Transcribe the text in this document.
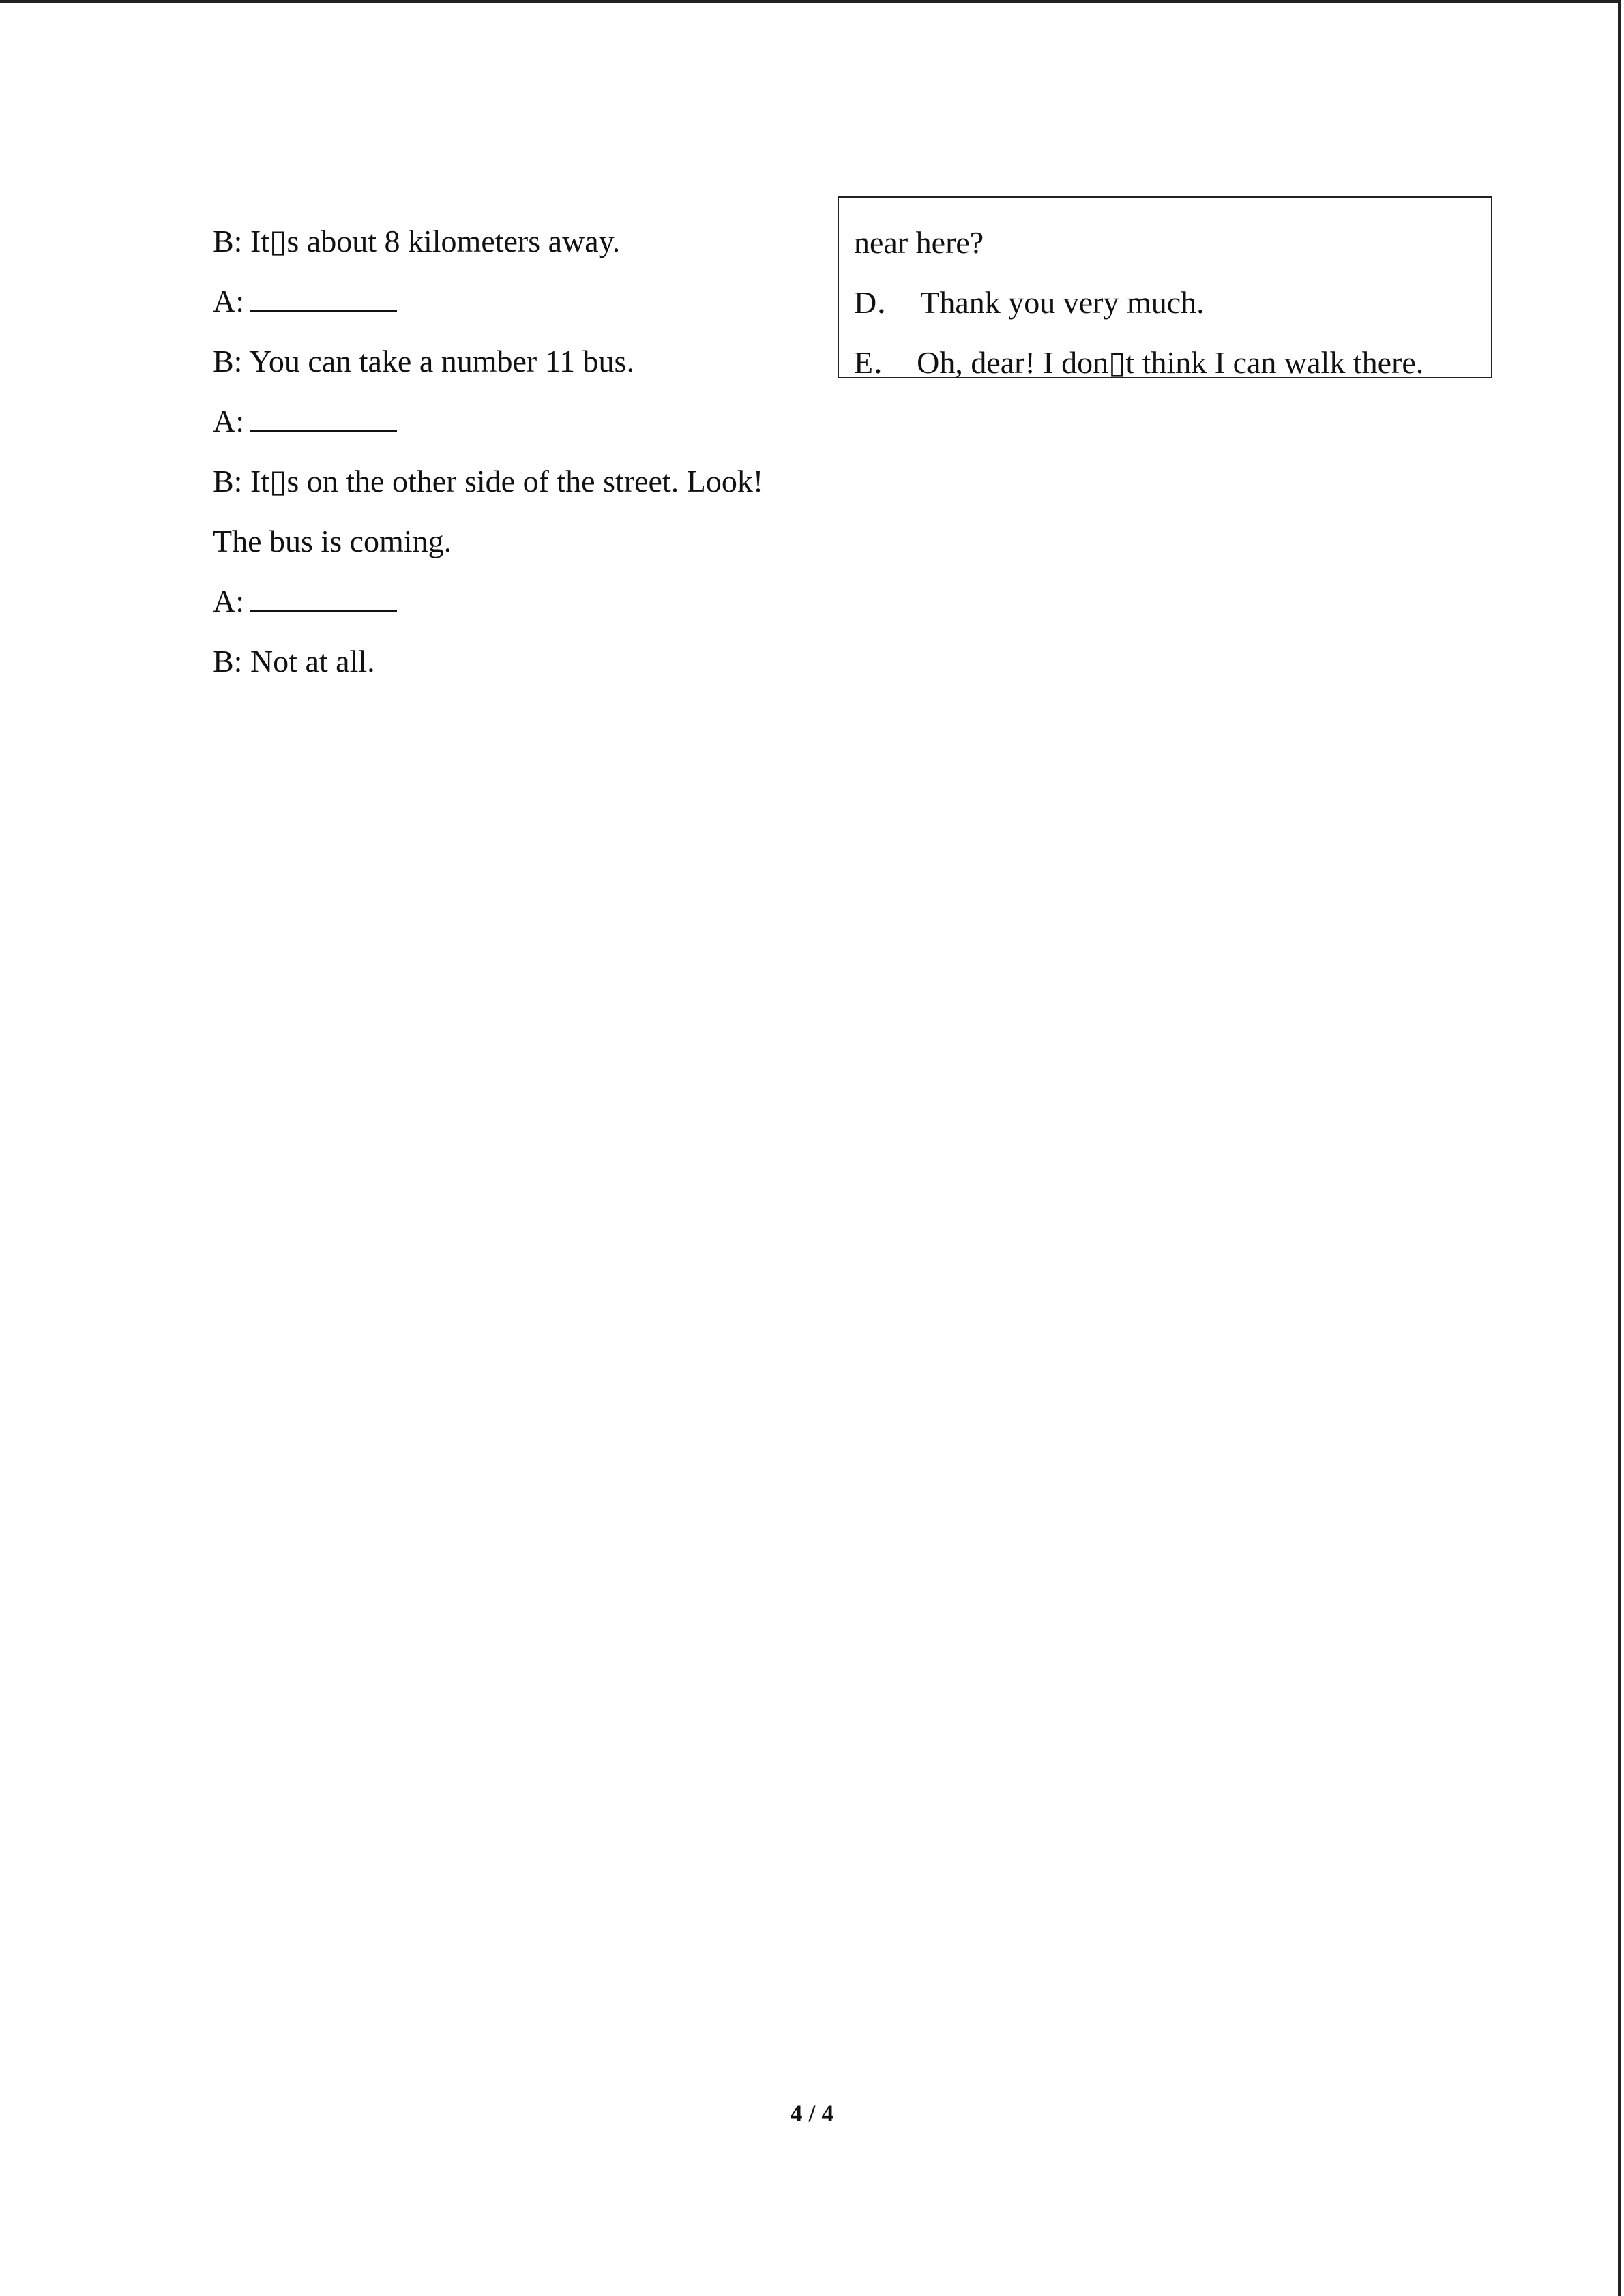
B: It▯s about 8 kilometers away.
A:
B: You can take a number 11 bus.
A:
B: It▯s on the other side of the street. Look!
The bus is coming.
A:
B: Not at all.
near here?
D． Thank you very much.
E． Oh, dear! I don▯t think I can walk there.
4 / 4
